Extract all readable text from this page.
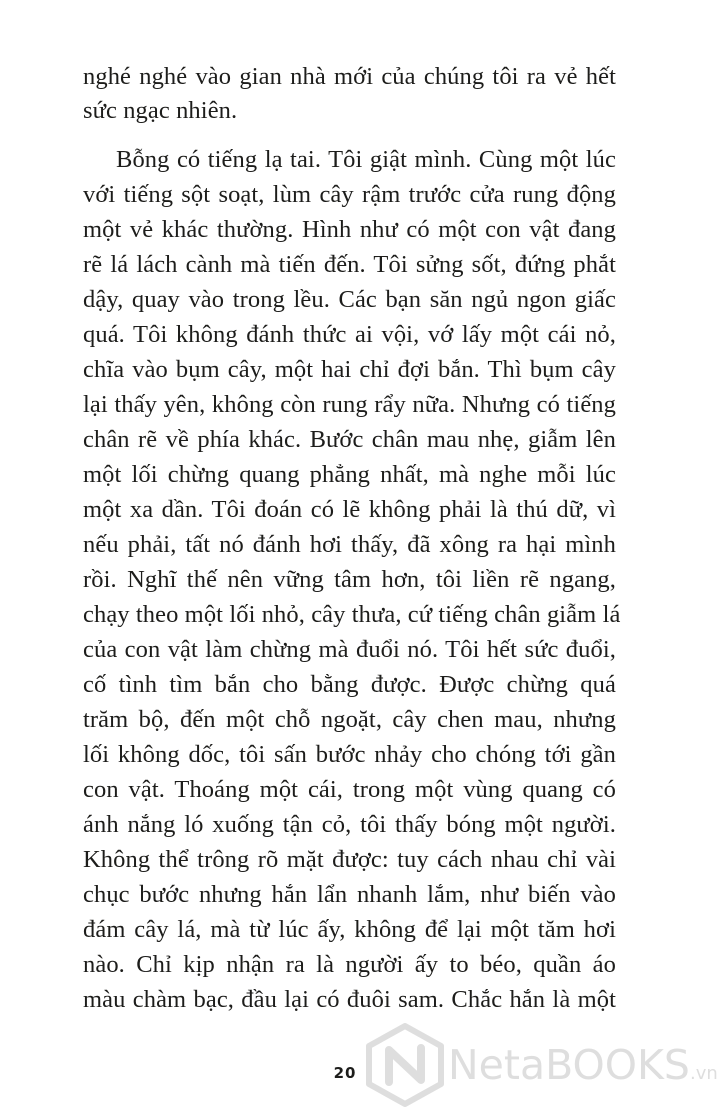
nghé nghé vào gian nhà mới của chúng tôi ra vẻ hết
sức ngạc nhiên.
Bỗng có tiếng lạ tai. Tôi giật mình. Cùng một lúc
với tiếng sột soạt, lùm cây rậm trước cửa rung động
một vẻ khác thường. Hình như có một con vật đang
rẽ lá lách cành mà tiến đến. Tôi sửng sốt, đứng phắt
dậy, quay vào trong lều. Các bạn săn ngủ ngon giấc
quá. Tôi không đánh thức ai vội, vớ lấy một cái nỏ,
chĩa vào bụm cây, một hai chỉ đợi bắn. Thì bụm cây
lại thấy yên, không còn rung rẩy nữa. Nhưng có tiếng
chân rẽ về phía khác. Bước chân mau nhẹ, giẫm lên
một lối chừng quang phẳng nhất, mà nghe mỗi lúc
một xa dần. Tôi đoán có lẽ không phải là thú dữ, vì
nếu phải, tất nó đánh hơi thấy, đã xông ra hại mình
rồi. Nghĩ thế nên vững tâm hơn, tôi liền rẽ ngang,
chạy theo một lối nhỏ, cây thưa, cứ tiếng chân giẫm lá
của con vật làm chừng mà đuổi nó. Tôi hết sức đuổi,
cố tình tìm bắn cho bằng được. Được chừng quá
trăm bộ, đến một chỗ ngoặt, cây chen mau, nhưng
lối không dốc, tôi sấn bước nhảy cho chóng tới gần
con vật. Thoáng một cái, trong một vùng quang có
ánh nắng ló xuống tận cỏ, tôi thấy bóng một người.
Không thể trông rõ mặt được: tuy cách nhau chỉ vài
chục bước nhưng hắn lẩn nhanh lắm, như biến vào
đám cây lá, mà từ lúc ấy, không để lại một tăm hơi
nào. Chỉ kịp nhận ra là người ấy to béo, quần áo
màu chàm bạc, đầu lại có đuôi sam. Chắc hắn là một
20	NetaBOOKS.vn
